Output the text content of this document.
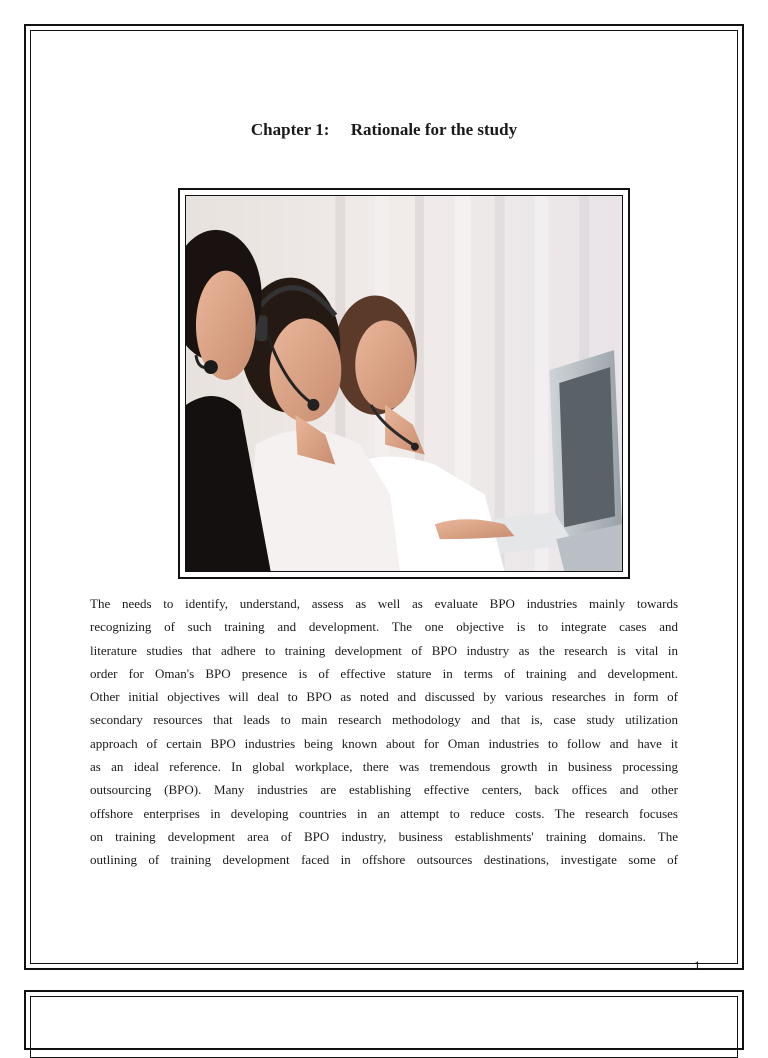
Chapter 1:     Rationale for the study
1

The needs to identify, understand, assess as well as evaluate BPO industries mainly towards
recognizing of such training and development. The one objective is to integrate cases and
literature studies that adhere to training development of BPO industry as the research is vital in
order for Oman's BPO presence is of effective stature in terms of training and development.
Other initial objectives will deal to BPO as noted and discussed by various researches in form of
secondary resources that leads to main research methodology and that is, case study utilization
approach of certain BPO industries being known about for Oman industries to follow and have it
as an ideal reference. In global workplace, there was tremendous growth in business processing
outsourcing (BPO). Many industries are establishing effective centers, back offices and other
offshore enterprises in developing countries in an attempt to reduce costs. The research focuses
on training development area of BPO industry, business establishments' training domains. The
outlining of training development faced in offshore outsources destinations, investigate some of
